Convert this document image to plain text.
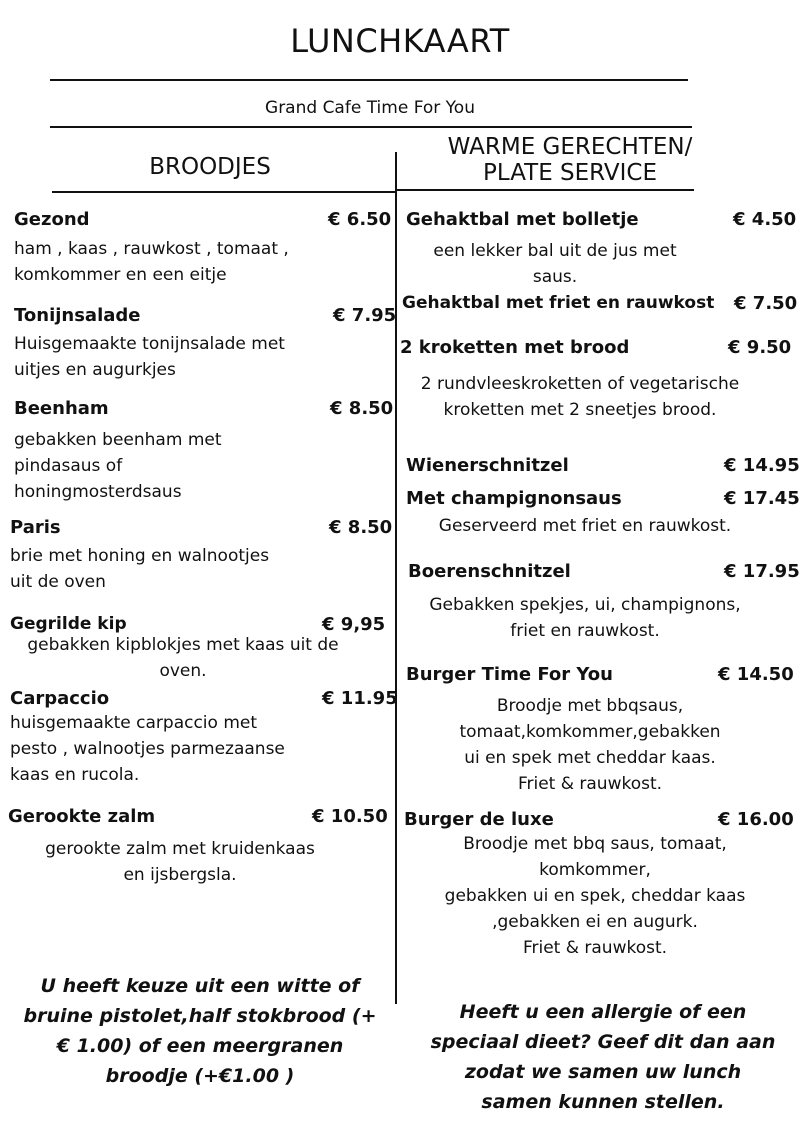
LUNCHKAART
Grand Cafe Time For You
BROODJES
WARME GERECHTEN/
PLATE SERVICE
Gezond	€ 6.50
ham , kaas , rauwkost , tomaat ,
komkommer en een eitje
Tonijnsalade	€ 7.95
Huisgemaakte tonijnsalade met
uitjes en augurkjes
Beenham	€ 8.50
gebakken beenham met
pindasaus of
honingmosterdsaus
Paris	€ 8.50
brie met honing en walnootjes
uit de oven
Gegrilde kip	€ 9,95
gebakken kipblokjes met kaas uit de
oven.
Carpaccio	€ 11.95
huisgemaakte carpaccio met
pesto , walnootjes parmezaanse
kaas en rucola.
Gerookte zalm	€ 10.50
gerookte zalm met kruidenkaas
en ijsbergsla.
U heeft keuze uit een witte of bruine pistolet,half stokbrood (+ € 1.00) of een meergranen broodje (+€1.00 )
Gehaktbal met bolletje	€ 4.50
een lekker bal uit de jus met
saus.
Gehaktbal met friet en rauwkost € 7.50
2 kroketten met brood	€ 9.50
2 rundvleeskroketten of vegetarische
kroketten met 2 sneetjes brood.
Wienerschnitzel	€ 14.95
Met champignonsaus	€ 17.45
Geserveerd met friet en rauwkost.
Boerenschnitzel	€ 17.95
Gebakken spekjes, ui, champignons,
friet en rauwkost.
Burger Time For You	€ 14.50
Broodje met bbqsaus,
tomaat,komkommer,gebakken
ui en spek met cheddar kaas.
Friet & rauwkost.
Burger de luxe	€ 16.00
Broodje met bbq saus, tomaat,
komkommer,
gebakken ui en spek, cheddar kaas
,gebakken ei en augurk.
Friet & rauwkost.
Heeft u een allergie of een speciaal dieet? Geef dit dan aan zodat we samen uw lunch samen kunnen stellen.
